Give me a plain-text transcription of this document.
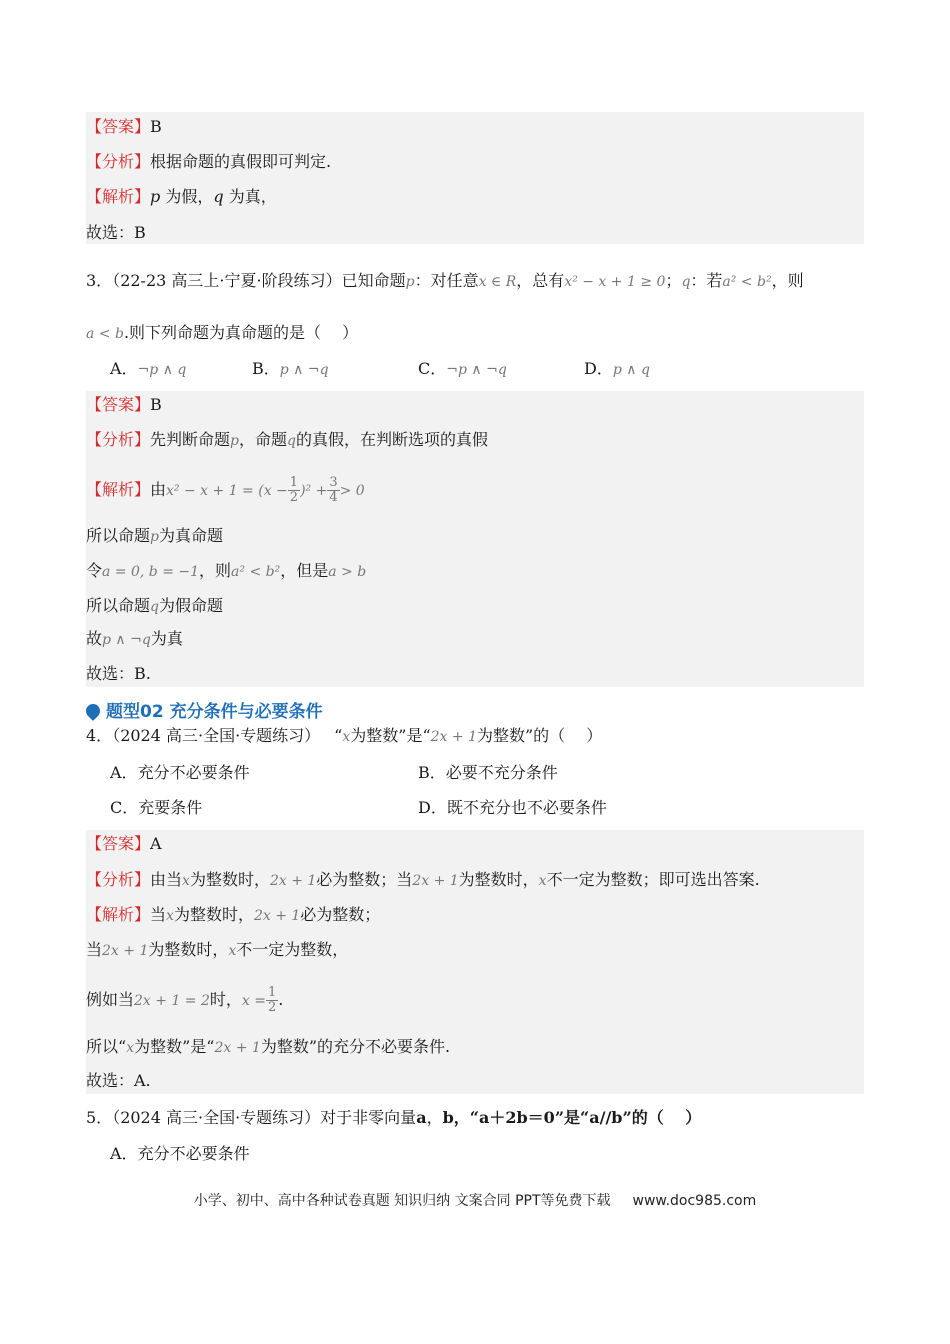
【答案】B
【分析】根据命题的真假即可判定.
【解析】p 为假，q 为真，
故选：B
3．（22-23 高三上·宁夏·阶段练习）已知命题p：对任意x ∈ R，总有x² − x + 1 ≥ 0；q：若a² < b²，则
a < b.则下列命题为真命题的是（　 ）
A．¬p ∧ q	B．p ∧ ¬q	C．¬p ∧ ¬q	D．p ∧ q
【答案】B
【分析】先判断命题p，命题q的真假，在判断选项的真假
【解析】由$x^2 - x + 1 = (x - \frac{1}{2} )^2 + \frac{3}{4} > 0$
所以命题p为真命题
令a = 0, b = −1，则a² < b²，但是a > b
所以命题q为假命题
故p ∧ ¬q为真
故选：B.
题型02 充分条件与必要条件
4．（2024 高三·全国·专题练习） “x为整数”是“2x + 1为整数”的（　 ）
A．充分不必要条件	B．必要不充分条件
C．充要条件	D．既不充分也不必要条件
【答案】A
【分析】由当x为整数时，2x + 1必为整数；当2x + 1为整数时，x不一定为整数；即可选出答案.
【解析】当x为整数时，2x + 1必为整数；
当2x + 1为整数时，x不一定为整数，
例如当2x + 1 = 2时，$x = \frac{1}{2}$ .
所以“x为整数”是“2x + 1为整数”的充分不必要条件.
故选：A.
5．（2024 高三·全国·专题练习）对于非零向量a，b，“a＋2b＝0”是“a//b”的（　 ）
A．充分不必要条件
小学、初中、高中各种试卷真题 知识归纳 文案合同 PPT等免费下载 www.doc985.com
